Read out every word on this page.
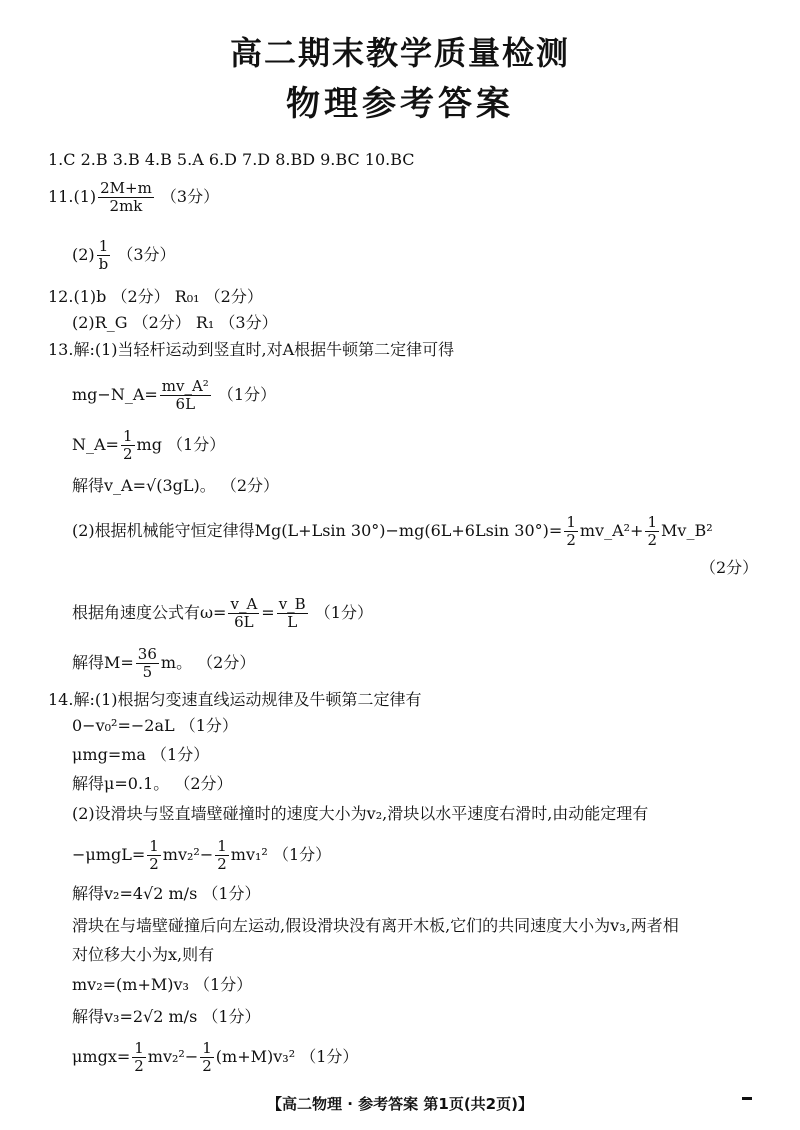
高二期末教学质量检测
物理参考答案
1.C 2.B 3.B 4.B 5.A 6.D 7.D 8.BD 9.BC 10.BC
$11.(1) \frac{2M+m}{2mk} (3$分）
$(2) \frac{1}{b} (3$分）
12.(1)b （2分） R₀₁ （2分）
(2)R_G （2分） R₁ （3分）
13.解:(1)当轻杆运动到竖直时,对A根据牛顿第二定律可得
mg−N_A= $\frac{\text{mv\_A²}}{6L} (1$分）
N_A= $\frac{1}{2}$ mg （1分）
解得v_A=√(3gL)。 （2分）
(2)根据机械能守恒定律得Mg(L+Lsin 30°)−mg(6L+6Lsin $30^\circ)= \frac{1}{2}$ mv_A²+ $\frac{1}{2}$ Mv_B²
（2分）
根据角速度公式有$\omega= \frac{v\_A}{6L} = \frac{v\_B}{L} (1$分）
解得$M= \frac{36}{5}$ m。 （2分）
14.解:(1)根据匀变速直线运动规律及牛顿第二定律有
0−v₀²=−2aL （1分）
μmg=ma （1分）
解得μ=0.1。 （2分）
(2)设滑块与竖直墙壁碰撞时的速度大小为v₂,滑块以水平速度右滑时,由动能定理有
$-\mu mgL= \frac{1}{2} mv_2^2- \frac{1}{2} mv_1^2$ （1分）
解得v₂=4√2 m/s （1分）
滑块在与墙壁碰撞后向左运动,假设滑块没有离开木板,它们的共同速度大小为v₃,两者相
对位移大小为x,则有
mv₂=(m+M)v₃ （1分）
解得v₃=2√2 m/s （1分）
$\mu mgx= \frac{1}{2} mv_2^2- \frac{1}{2} (m+M)v_3^2$ （1分）
【高二物理 · 参考答案 第1页(共2页)】
